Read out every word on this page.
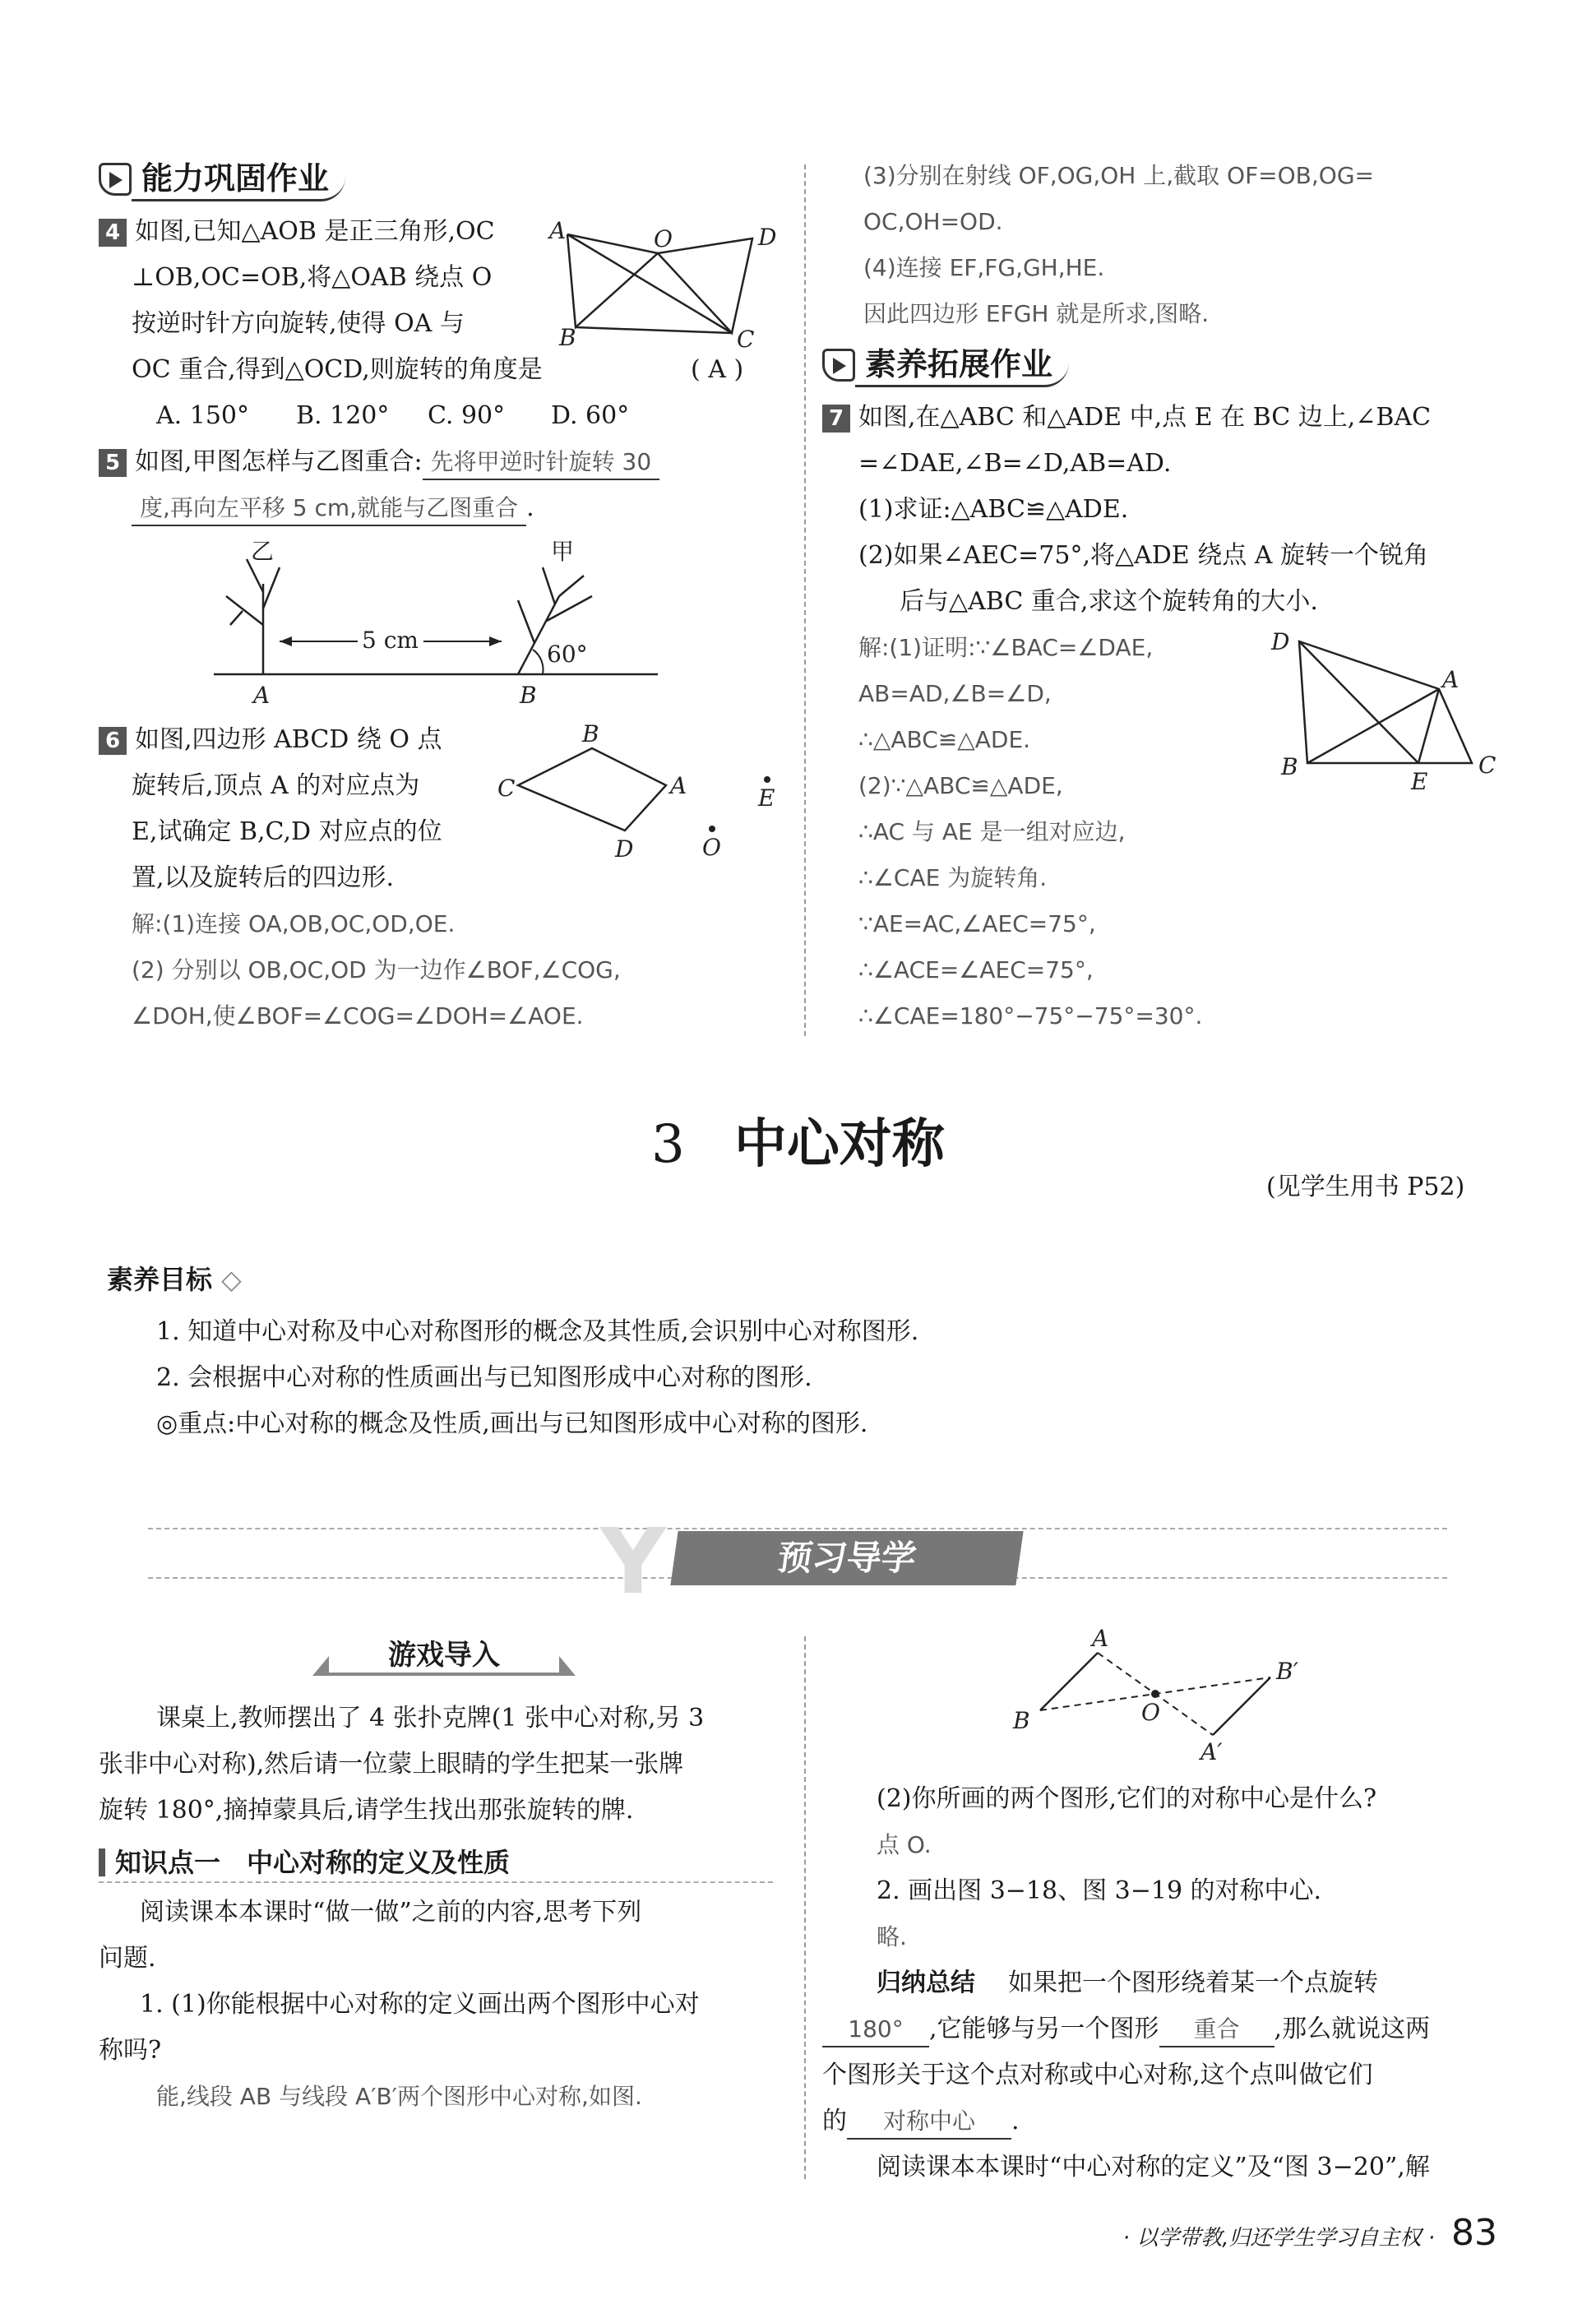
能力巩固作业
4 如图,已知△AOB 是正三角形,OC
⊥OB,OC=OB,将△OAB 绕点 O
按逆时针方向旋转,使得 OA 与
OC 重合,得到△OCD,则旋转的角度是	( A )
A. 150° B. 120° C. 90° D. 60°
A	O	D
B	C
5 如图,甲图怎样与乙图重合: 先将甲逆时针旋转 30
度,再向左平移 5 cm,就能与乙图重合 .
乙	甲
60°
5 cm
A	B
6 如图,四边形 ABCD 绕 O 点
旋转后,顶点 A 的对应点为
E,试确定 B,C,D 对应点的位
置,以及旋转后的四边形.
解:(1)连接 OA,OB,OC,OD,OE.
(2) 分别以 OB,OC,OD 为一边作∠BOF,∠COG,
∠DOH,使∠BOF=∠COG=∠DOH=∠AOE.
B
C	A
D
E
O
(3)分别在射线 OF,OG,OH 上,截取 OF=OB,OG=
OC,OH=OD.
(4)连接 EF,FG,GH,HE.
因此四边形 EFGH 就是所求,图略.
素养拓展作业
7 如图,在△ABC 和△ADE 中,点 E 在 BC 边上,∠BAC
=∠DAE,∠B=∠D,AB=AD.
(1)求证:△ABC≌△ADE.
(2)如果∠AEC=75°,将△ADE 绕点 A 旋转一个锐角
后与△ABC 重合,求这个旋转角的大小.
解:(1)证明:∵∠BAC=∠DAE,
AB=AD,∠B=∠D,
∴△ABC≌△ADE.
(2)∵△ABC≌△ADE,
∴AC 与 AE 是一组对应边,
∴∠CAE 为旋转角.
∵AE=AC,∠AEC=75°,
∴∠ACE=∠AEC=75°,
∴∠CAE=180°−75°−75°=30°.
D
A
B
E
C
3 中心对称
(见学生用书 P52)
素养目标 ◇
1. 知道中心对称及中心对称图形的概念及其性质,会识别中心对称图形.
2. 会根据中心对称的性质画出与已知图形成中心对称的图形.
◎重点:中心对称的概念及性质,画出与已知图形成中心对称的图形.
Y	预习导学
游戏导入
课桌上,教师摆出了 4 张扑克牌(1 张中心对称,另 3
张非中心对称),然后请一位蒙上眼睛的学生把某一张牌
旋转 180°,摘掉蒙具后,请学生找出那张旋转的牌.
知识点一　中心对称的定义及性质
阅读课本本课时“做一做”之前的内容,思考下列
问题.
1. (1)你能根据中心对称的定义画出两个图形中心对
称吗?
能,线段 AB 与线段 A′B′两个图形中心对称,如图.
A
B	O
B′
A′
(2)你所画的两个图形,它们的对称中心是什么?
点 O.
2. 画出图 3−18、图 3−19 的对称中心.
略.
归纳总结 如果把一个图形绕着某一个点旋转
180° ,它能够与另一个图形 重合 ,那么就说这两
个图形关于这个点对称或中心对称,这个点叫做它们
的 对称中心 .
阅读课本本课时“中心对称的定义”及“图 3−20”,解
· 以学带教,归还学生学习自主权 · 83
